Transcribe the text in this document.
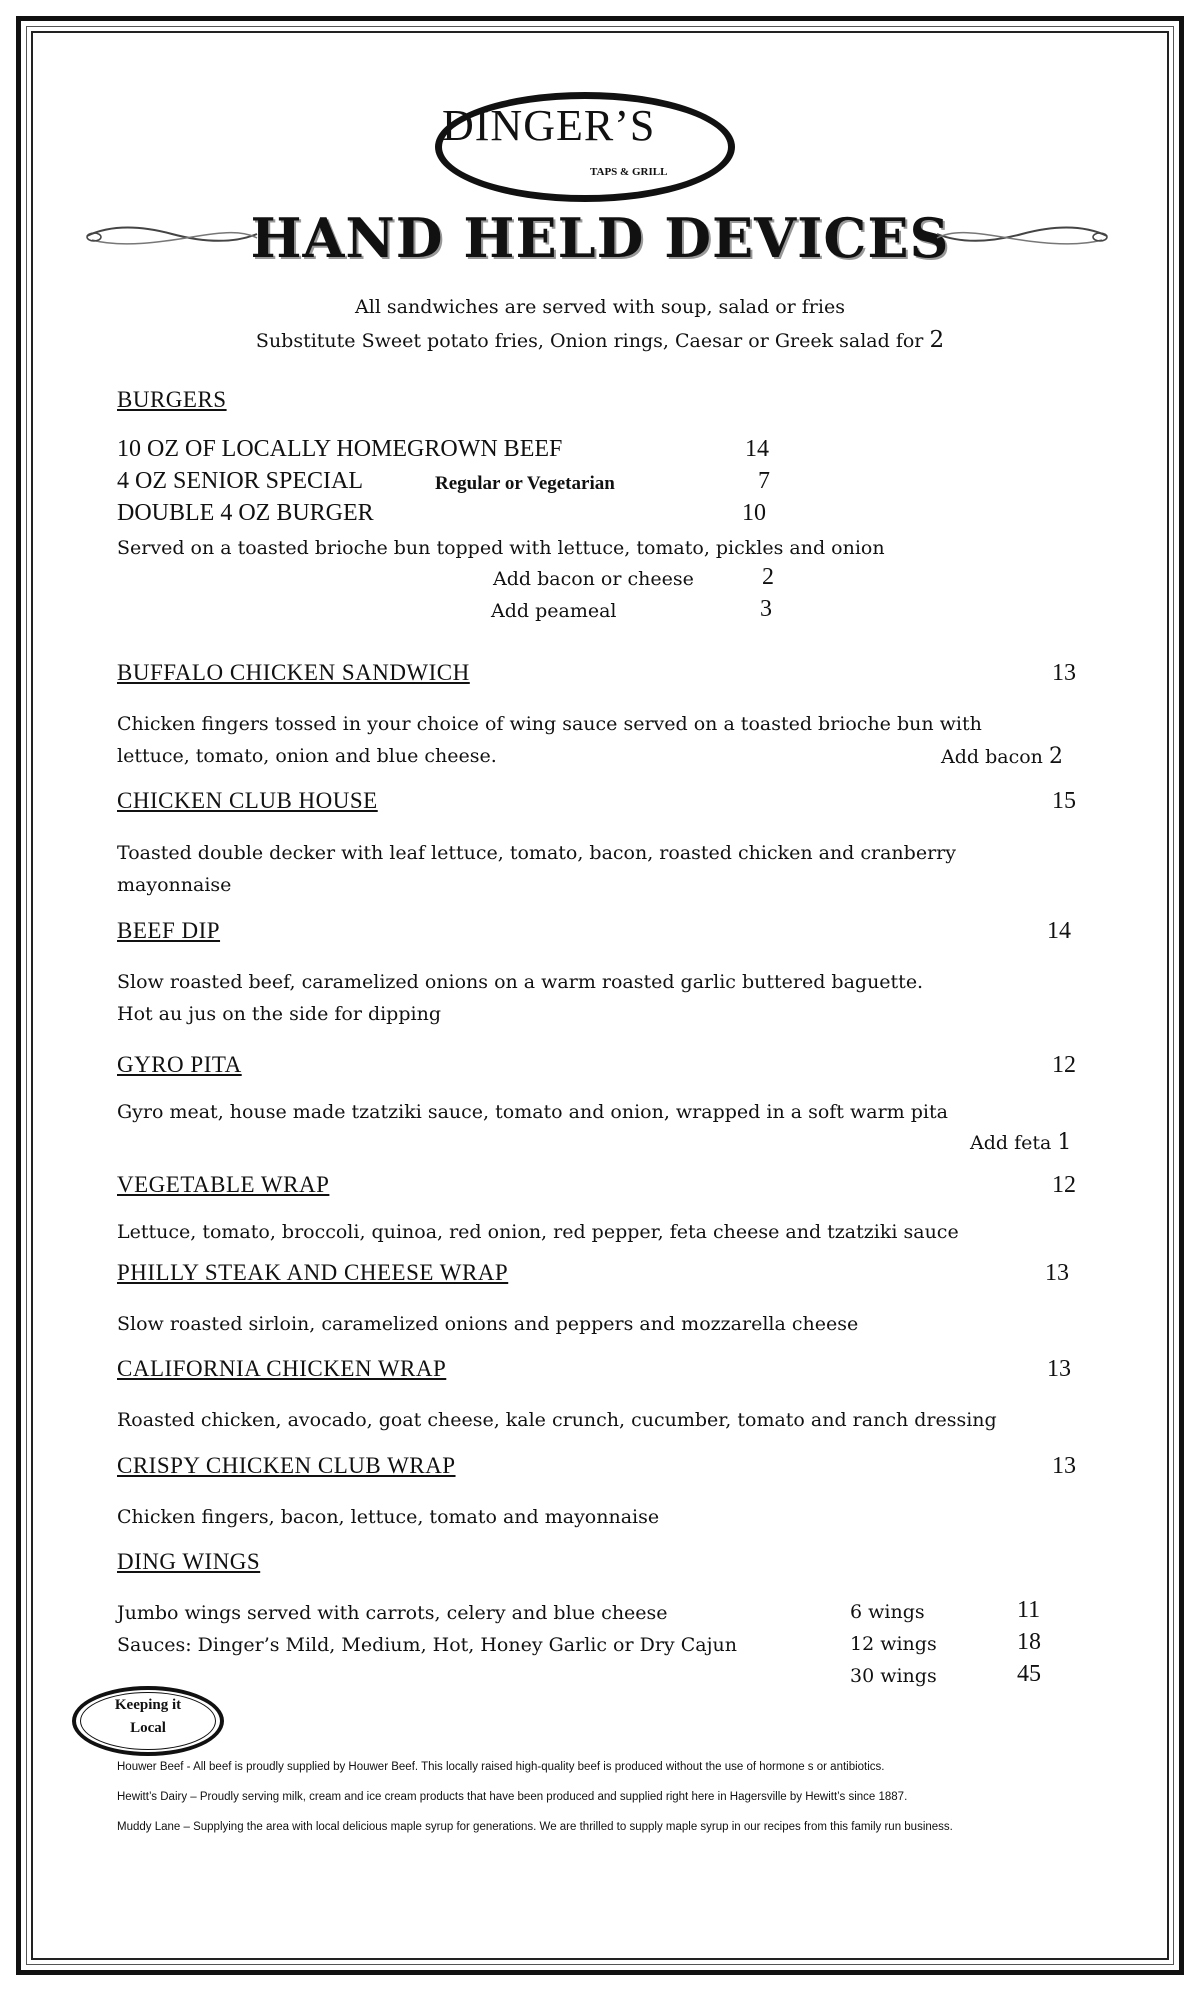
DINGER’S
TAPS & GRILL
HAND HELD DEVICES
All sandwiches are served with soup, salad or fries
Substitute Sweet potato fries, Onion rings, Caesar or Greek salad for 2
BURGERS
10 OZ OF LOCALLY HOMEGROWN BEEF	14
4 OZ SENIOR SPECIAL	Regular or Vegetarian	7
DOUBLE 4 OZ BURGER	10
Served on a toasted brioche bun topped with lettuce, tomato, pickles and onion
Add bacon or cheese	2
Add peameal	3
BUFFALO CHICKEN SANDWICH	13
Chicken fingers tossed in your choice of wing sauce served on a toasted brioche bun with
lettuce, tomato, onion and blue cheese.	Add bacon 2
CHICKEN CLUB HOUSE	15
Toasted double decker with leaf lettuce, tomato, bacon, roasted chicken and cranberry
mayonnaise
BEEF DIP	14
Slow roasted beef, caramelized onions on a warm roasted garlic buttered baguette.
Hot au jus on the side for dipping
GYRO PITA	12
Gyro meat, house made tzatziki sauce, tomato and onion, wrapped in a soft warm pita
Add feta 1
VEGETABLE WRAP	12
Lettuce, tomato, broccoli, quinoa, red onion, red pepper, feta cheese and tzatziki sauce
PHILLY STEAK AND CHEESE WRAP	13
Slow roasted sirloin, caramelized onions and peppers and mozzarella cheese
CALIFORNIA CHICKEN WRAP	13
Roasted chicken, avocado, goat cheese, kale crunch, cucumber, tomato and ranch dressing
CRISPY CHICKEN CLUB WRAP	13
Chicken fingers, bacon, lettuce, tomato and mayonnaise
DING WINGS
Jumbo wings served with carrots, celery and blue cheese
Sauces: Dinger’s Mild, Medium, Hot, Honey Garlic or Dry Cajun
6 wings	11
12 wings	18
30 wings	45
Keeping it
Local
Houwer Beef - All beef is proudly supplied by Houwer Beef. This locally raised high-quality beef is produced without the use of hormone s or antibiotics.
Hewitt’s Dairy – Proudly serving milk, cream and ice cream products that have been produced and supplied right here in Hagersville by Hewitt’s since 1887.
Muddy Lane – Supplying the area with local delicious maple syrup for generations. We are thrilled to supply maple syrup in our recipes from this family run business.
